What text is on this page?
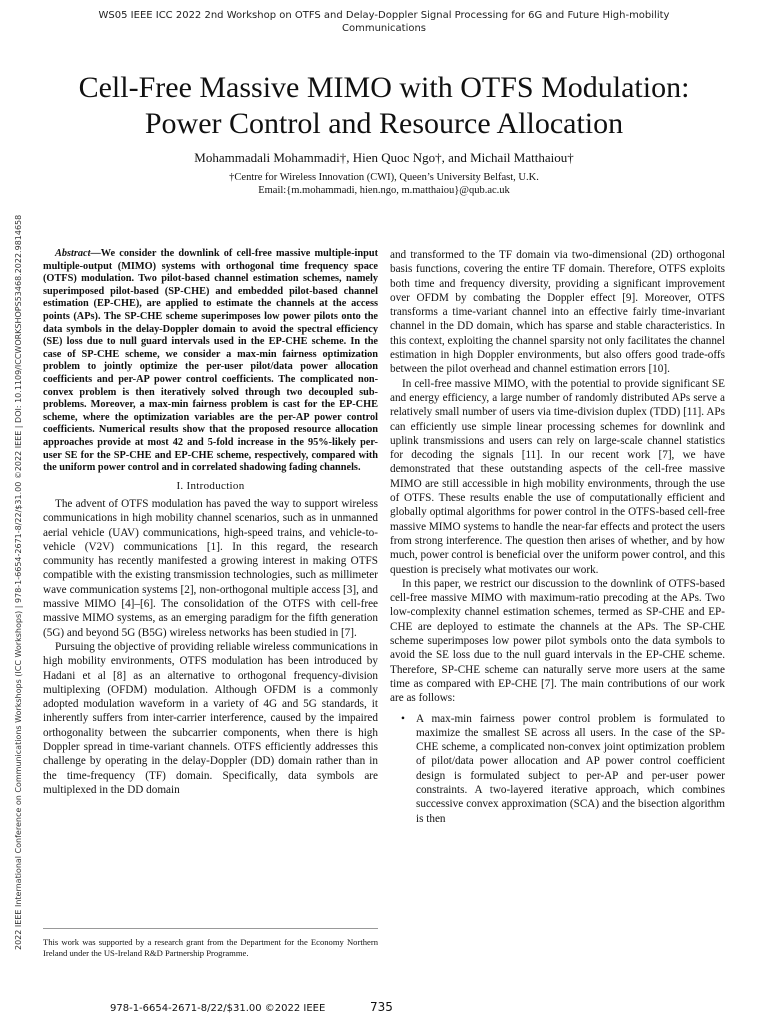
WS05 IEEE ICC 2022 2nd Workshop on OTFS and Delay-Doppler Signal Processing for 6G and Future High-mobility Communications
Cell-Free Massive MIMO with OTFS Modulation:
Power Control and Resource Allocation
Mohammadali Mohammadi†, Hien Quoc Ngo†, and Michail Matthaiou†
†Centre for Wireless Innovation (CWI), Queen’s University Belfast, U.K.
Email:{m.mohammadi, hien.ngo, m.matthaiou}@qub.ac.uk
2022 IEEE International Conference on Communications Workshops (ICC Workshops) | 978-1-6654-2671-8/22/$31.00 ©2022 IEEE | DOI: 10.1109/ICCWORKSHOPS53468.2022.9814658	Abstract—We consider the downlink of cell-free massive multiple-input multiple-output (MIMO) systems with orthogonal time frequency space (OTFS) modulation. Two pilot-based channel estimation schemes, namely superimposed pilot-based (SP-CHE) and embedded pilot-based channel estimation (EP-CHE), are applied to estimate the channels at the access points (APs). The SP-CHE scheme superimposes low power pilots onto the data symbols in the delay-Doppler domain to avoid the spectral efficiency (SE) loss due to null guard intervals used in the EP-CHE scheme. In the case of SP-CHE scheme, we consider a max-min fairness optimization problem to jointly optimize the per-user pilot/data power allocation coefficients and per-AP power control coefficients. The complicated non-convex problem is then iteratively solved through two decoupled sub-problems. Moreover, a max-min fairness problem is cast for the EP-CHE scheme, where the optimization variables are the per-AP power control coefficients. Numerical results show that the proposed resource allocation approaches provide at most 42 and 5-fold increase in the 95%-likely per-user SE for the SP-CHE and EP-CHE scheme, respectively, compared with the uniform power control and in correlated shadowing fading channels.

I. Introduction

The advent of OTFS modulation has paved the way to support wireless communications in high mobility channel scenarios, such as in unmanned aerial vehicle (UAV) communications, high-speed trains, and vehicle-to-vehicle (V2V) communications [1]. In this regard, the research community has recently manifested a growing interest in making OTFS compatible with the existing transmission technologies, such as millimeter wave communication systems [2], non-orthogonal multiple access [3], and massive MIMO [4]–[6]. The consolidation of the OTFS with cell-free massive MIMO systems, as an emerging paradigm for the fifth generation (5G) and beyond 5G (B5G) wireless networks has been studied in [7].

Pursuing the objective of providing reliable wireless communications in high mobility environments, OTFS modulation has been introduced by Hadani et al [8] as an alternative to orthogonal frequency-division multiplexing (OFDM) modulation. Although OFDM is a commonly adopted modulation waveform in a variety of 4G and 5G standards, it inherently suffers from inter-carrier interference, caused by the impaired orthogonality between the subcarrier components, when there is high Doppler spread in time-variant channels. OTFS efficiently addresses this challenge by operating in the delay-Doppler (DD) domain rather than in the time-frequency (TF) domain. Specifically, data symbols are multiplexed in the DD domain

and transformed to the TF domain via two-dimensional (2D) orthogonal basis functions, covering the entire TF domain. Therefore, OTFS exploits both time and frequency diversity, providing a significant improvement over OFDM by combating the Doppler effect [9]. Moreover, OTFS transforms a time-variant channel into an effective fairly time-invariant channel in the DD domain, which has sparse and stable characteristics. In this context, exploiting the channel sparsity not only facilitates the channel estimation in high Doppler environments, but also offers good trade-offs between the pilot overhead and channel estimation errors [10].

In cell-free massive MIMO, with the potential to provide significant SE and energy efficiency, a large number of randomly distributed APs serve a relatively small number of users via time-division duplex (TDD) [11]. APs can efficiently use simple linear processing schemes for downlink and uplink transmissions and users can rely on large-scale channel statistics for decoding the signals [11]. In our recent work [7], we have demonstrated that these outstanding aspects of the cell-free massive MIMO are still accessible in high mobility environments, through the use of OTFS. These results enable the use of computationally efficient and globally optimal algorithms for power control in the OTFS-based cell-free massive MIMO systems to handle the near-far effects and protect the users from strong interference. The question then arises of whether, and by how much, power control is beneficial over the uniform power control, and this question is precisely what motivates our work.

In this paper, we restrict our discussion to the downlink of OTFS-based cell-free massive MIMO with maximum-ratio precoding at the APs. Two low-complexity channel estimation schemes, termed as SP-CHE and EP-CHE are deployed to estimate the channels at the APs. The SP-CHE scheme superimposes low power pilot symbols onto the data symbols to avoid the SE loss due to the null guard intervals in the EP-CHE scheme. Therefore, SP-CHE scheme can naturally serve more users at the same time as compared with EP-CHE [7]. The main contributions of our work are as follows:

• A max-min fairness power control problem is formulated to maximize the smallest SE across all users. In the case of the SP-CHE scheme, a complicated non-convex joint optimization problem of pilot/data power allocation and AP power control coefficient design is formulated subject to per-AP and per-user power constraints. A two-layered iterative approach, which combines successive convex approximation (SCA) and the bisection algorithm is then
This work was supported by a research grant from the Department for the Economy Northern Ireland under the US-Ireland R&D Partnership Programme.
978-1-6654-2671-8/22/$31.00 ©2022 IEEE	735
